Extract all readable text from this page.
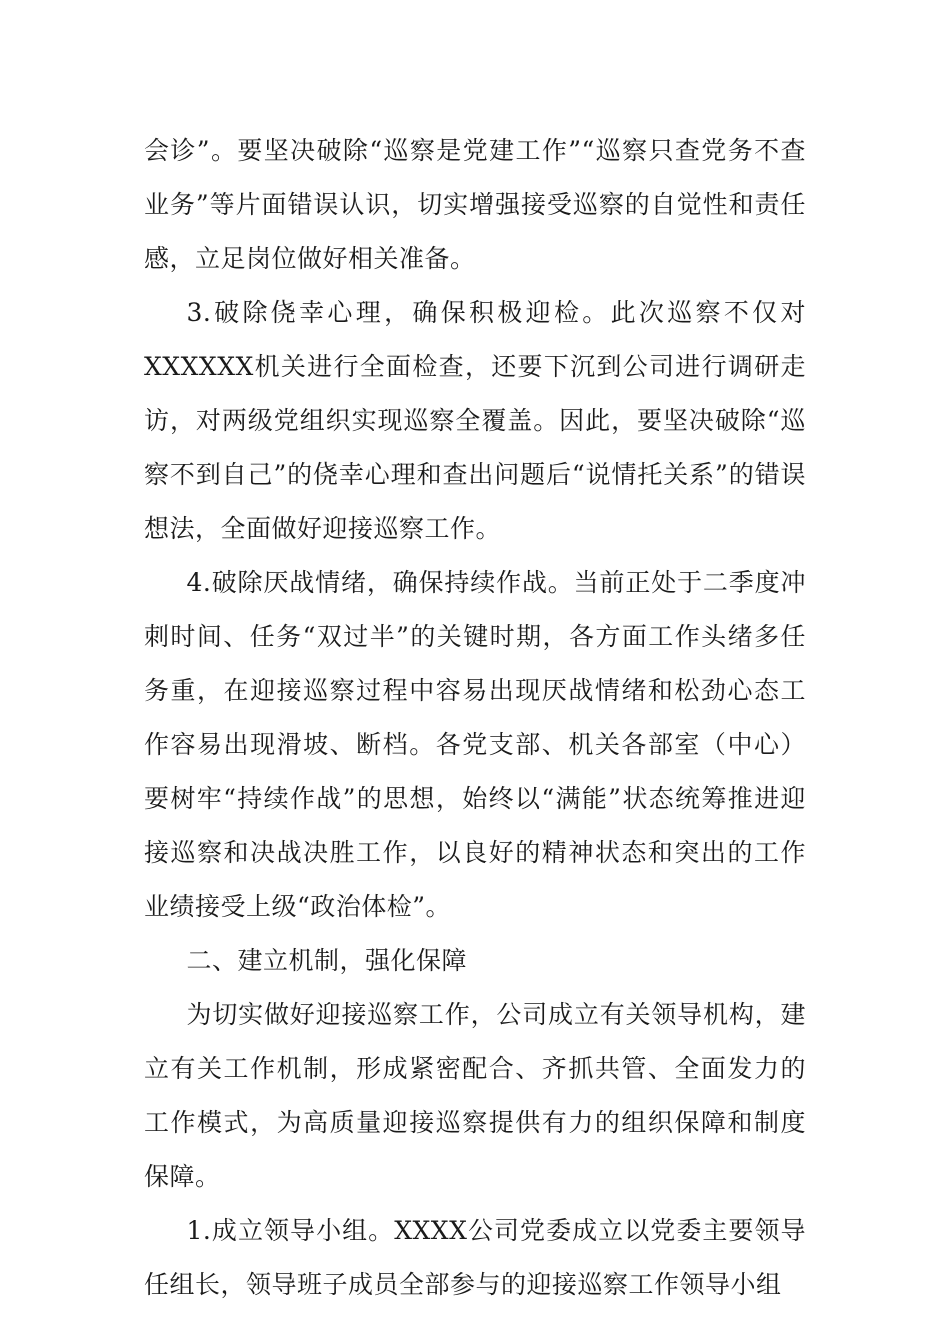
会诊”。要坚决破除“巡察是党建工作”“巡察只查党务不查业务”等片面错误认识，切实增强接受巡察的自觉性和责任感，立足岗位做好相关准备。

3.破除侥幸心理，确保积极迎检。此次巡察不仅对XXXXXX机关进行全面检查，还要下沉到公司进行调研走访，对两级党组织实现巡察全覆盖。因此，要坚决破除“巡察不到自己”的侥幸心理和查出问题后“说情托关系”的错误想法，全面做好迎接巡察工作。

4.破除厌战情绪，确保持续作战。当前正处于二季度冲刺时间、任务“双过半”的关键时期，各方面工作头绪多任务重，在迎接巡察过程中容易出现厌战情绪和松劲心态工作容易出现滑坡、断档。各党支部、机关各部室（中心）要树牢“持续作战”的思想，始终以“满能”状态统筹推进迎接巡察和决战决胜工作，以良好的精神状态和突出的工作业绩接受上级“政治体检”。

二、建立机制，强化保障

为切实做好迎接巡察工作，公司成立有关领导机构，建立有关工作机制，形成紧密配合、齐抓共管、全面发力的工作模式，为高质量迎接巡察提供有力的组织保障和制度保障。

1.成立领导小组。XXXX公司党委成立以党委主要领导任组长，领导班子成员全部参与的迎接巡察工作领导小组
